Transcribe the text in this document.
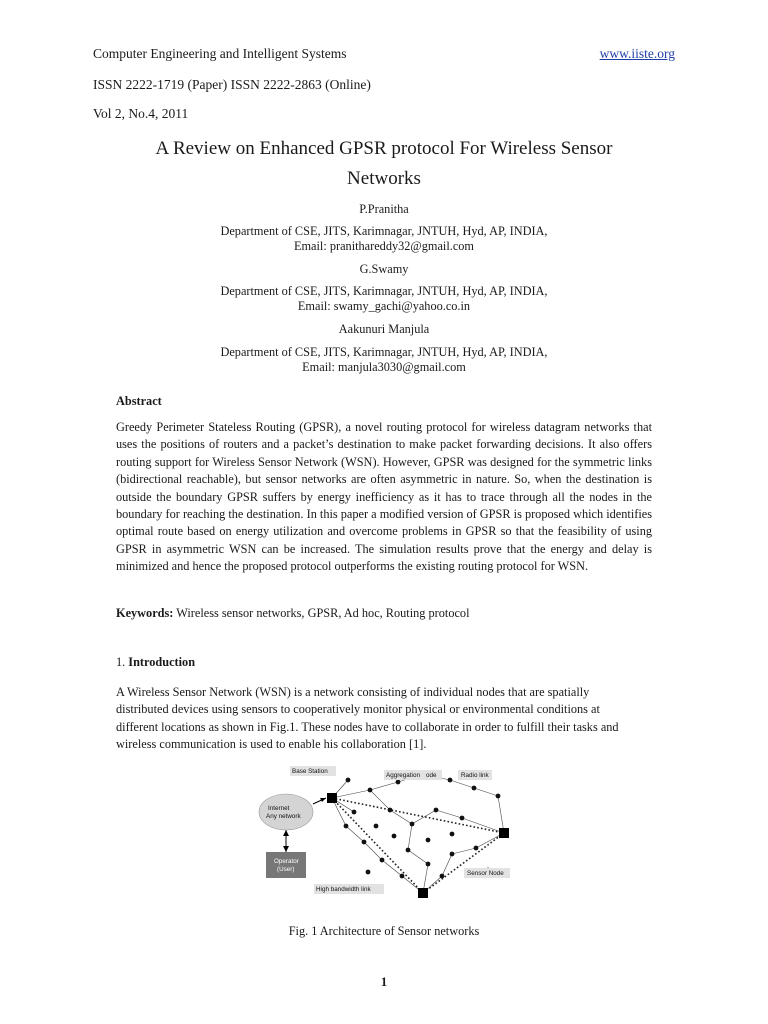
Computer Engineering and Intelligent Systems	www.iiste.org
ISSN 2222-1719 (Paper) ISSN 2222-2863 (Online)
Vol 2, No.4, 2011
A Review on Enhanced GPSR protocol For Wireless Sensor
Networks
P.Pranitha
Department of CSE, JITS, Karimnagar, JNTUH, Hyd, AP, INDIA,
Email: pranithareddy32@gmail.com
G.Swamy
Department of CSE, JITS, Karimnagar, JNTUH, Hyd, AP, INDIA,
Email: swamy_gachi@yahoo.co.in
Aakunuri Manjula
Department of CSE, JITS, Karimnagar, JNTUH, Hyd, AP, INDIA,
Email: manjula3030@gmail.com
Abstract
Greedy Perimeter Stateless Routing (GPSR), a novel routing protocol for wireless datagram networks that uses the positions of routers and a packet’s destination to make packet forwarding decisions. It also offers routing support for Wireless Sensor Network (WSN). However, GPSR was designed for the symmetric links (bidirectional reachable), but sensor networks are often asymmetric in nature. So, when the destination is outside the boundary GPSR suffers by energy inefficiency as it has to trace through all the nodes in the boundary for reaching the destination. In this paper a modified version of GPSR is proposed which identifies optimal route based on energy utilization and overcome problems in GPSR so that the feasibility of using GPSR in asymmetric WSN can be increased. The simulation results prove that the energy and delay is minimized and hence the proposed protocol outperforms the existing routing protocol for WSN.
Keywords: Wireless sensor networks, GPSR, Ad hoc, Routing protocol
1. Introduction
A Wireless Sensor Network (WSN) is a network consisting of individual nodes that are spatially
distributed devices using sensors to cooperatively monitor physical or environmental conditions at
different locations as shown in Fig.1. These nodes have to collaborate in order to fulfill their tasks and
wireless communication is used to enable his collaboration [1].
Internet
Any network
Operator
(User)
Base Station
Aggregation ode	Radio link
Sensor Node
High bandwidth link
Fig. 1 Architecture of Sensor networks
1
